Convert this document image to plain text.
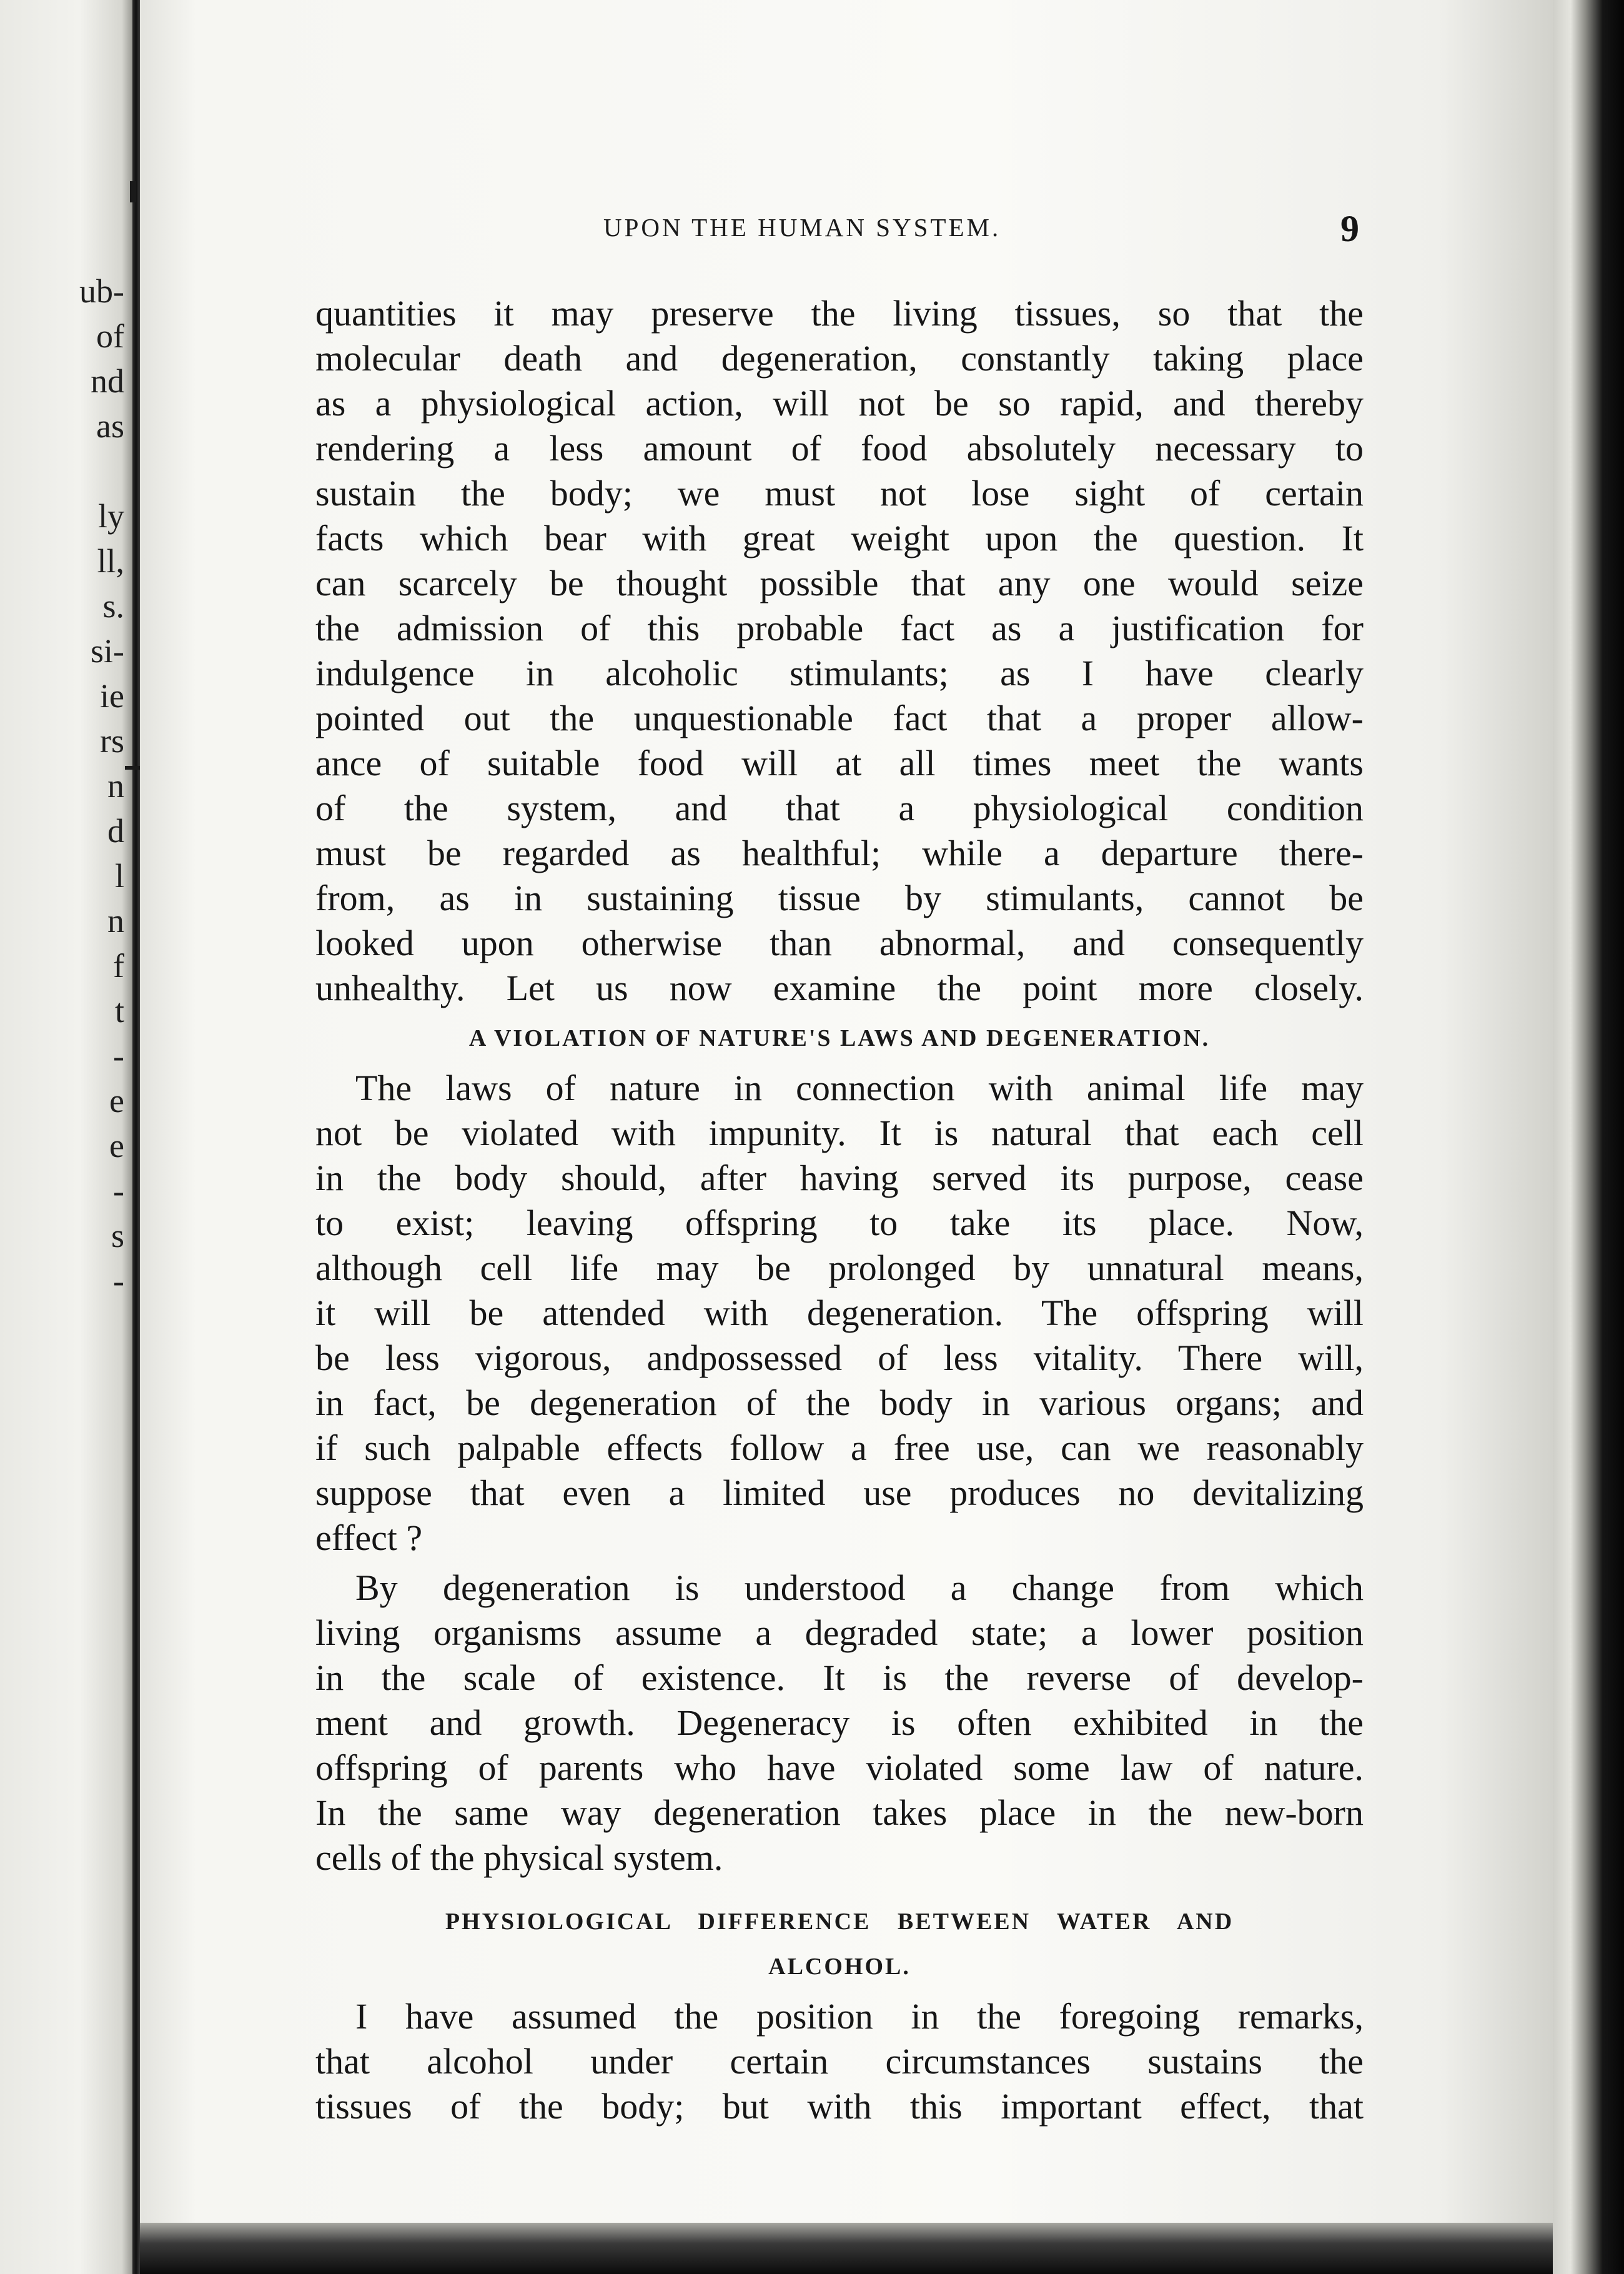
ub-
of
nd
as
ly
ll,
s.
si-
ie
rs
n
d
l
n
f
t
-
e
e
-
s
-
UPON THE HUMAN SYSTEM.	9
quantities it may preserve the living tissues, so that the
molecular death and degeneration, constantly taking place
as a physiological action, will not be so rapid, and thereby
rendering a less amount of food absolutely necessary to
sustain the body; we must not lose sight of certain
facts which bear with great weight upon the question. It
can scarcely be thought possible that any one would seize
the admission of this probable fact as a justification for
indulgence in alcoholic stimulants; as I have clearly
pointed out the unquestionable fact that a proper allow-
ance of suitable food will at all times meet the wants
of the system, and that a physiological condition
must be regarded as healthful; while a departure there-
from, as in sustaining tissue by stimulants, cannot be
looked upon otherwise than abnormal, and consequently
unhealthy. Let us now examine the point more closely.
A VIOLATION OF NATURE'S LAWS AND DEGENERATION.
The laws of nature in connection with animal life may
not be violated with impunity. It is natural that each cell
in the body should, after having served its purpose, cease
to exist; leaving offspring to take its place. Now,
although cell life may be prolonged by unnatural means,
it will be attended with degeneration. The offspring will
be less vigorous, andpossessed of less vitality. There will,
in fact, be degeneration of the body in various organs; and
if such palpable effects follow a free use, can we reasonably
suppose that even a limited use produces no devitalizing
effect ?
By degeneration is understood a change from which
living organisms assume a degraded state; a lower position
in the scale of existence. It is the reverse of develop-
ment and growth. Degeneracy is often exhibited in the
offspring of parents who have violated some law of nature.
In the same way degeneration takes place in the new-born
cells of the physical system.
PHYSIOLOGICAL DIFFERENCE BETWEEN WATER AND
ALCOHOL.
I have assumed the position in the foregoing remarks,
that alcohol under certain circumstances sustains the
tissues of the body; but with this important effect, that
